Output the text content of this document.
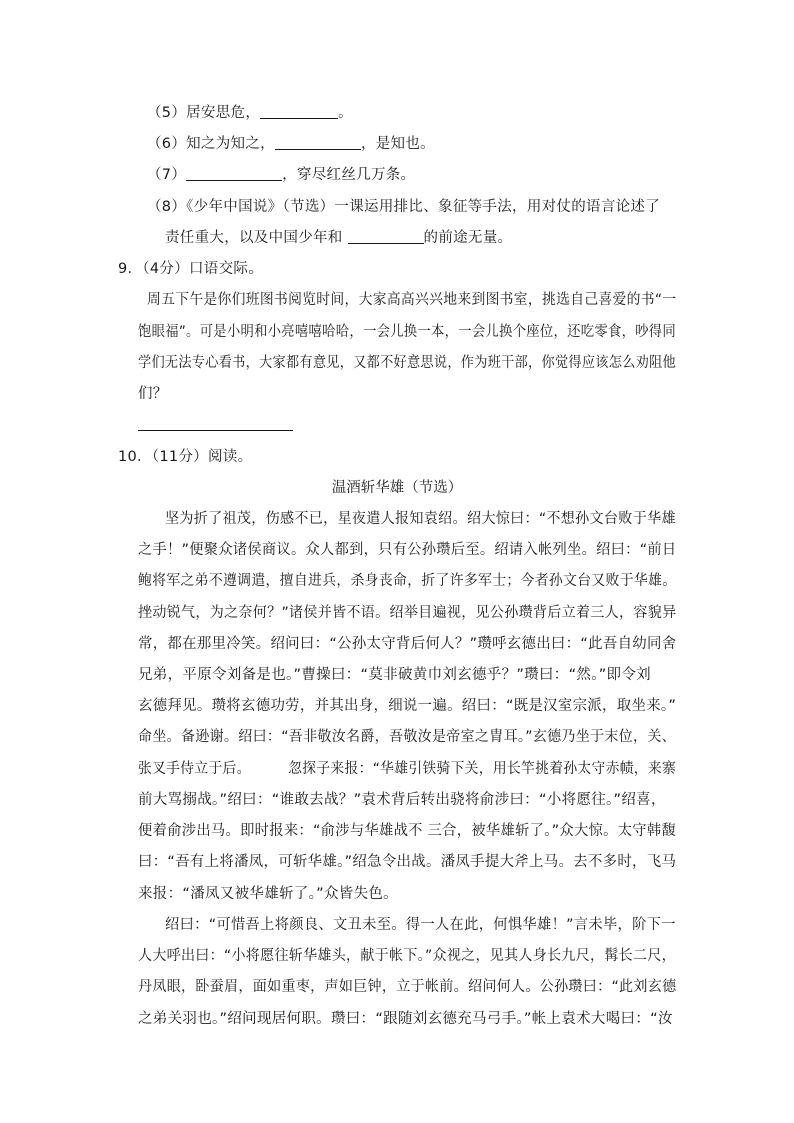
（5）居安思危，	。
（6）知之为知之，	，是知也。
（7）	，穿尽红丝几万条。
（8）《少年中国说》（节选）一课运用排比、象征等手法，用对仗的语言论述了
责任重大，以及中国少年和	的前途无量。
9．（4分）口语交际。
周五下午是你们班图书阅览时间，大家高高兴兴地来到图书室，挑选自己喜爱的书“一
饱眼福”。可是小明和小亮嘻嘻哈哈，一会儿换一本，一会儿换个座位，还吃零食，吵得同
学们无法专心看书，大家都有意见，又都不好意思说，作为班干部，你觉得应该怎么劝阻他
们？
10．（11分）阅读。
温酒斩华雄（节选）
坚为折了祖茂，伤感不已，星夜遣人报知袁绍。绍大惊曰：“不想孙文台败于华雄
之手！”便聚众诸侯商议。众人都到，只有公孙瓒后至。绍请入帐列坐。绍曰：“前日
鲍将军之弟不遵调遣，擅自进兵，杀身丧命，折了许多军士；今者孙文台又败于华雄。
挫动锐气，为之奈何？”诸侯并皆不语。绍举目遍视，见公孙瓒背后立着三人，容貌异
常，都在那里冷笑。绍问曰：“公孙太守背后何人？”瓒呼玄德出曰：“此吾自幼同舍
兄弟，平原令刘备是也。”曹操曰：“莫非破黄巾刘玄德乎？”瓒曰：“然。”即令刘
玄德拜见。瓒将玄德功劳，并其出身，细说一遍。绍曰：“既是汉室宗派，取坐来。”
命坐。备逊谢。绍曰：“吾非敬汝名爵，吾敬汝是帝室之胄耳。”玄德乃坐于末位，关、
张叉手侍立于后。        忽探子来报：“华雄引铁骑下关，用长竿挑着孙太守赤帻，来寨
前大骂搦战。”绍曰：“谁敢去战？”袁术背后转出骁将俞涉曰：“小将愿往。”绍喜，
便着俞涉出马。即时报来：“俞涉与华雄战不 三合，被华雄斩了。”众大惊。太守韩馥
曰：“吾有上将潘凤，可斩华雄。”绍急令出战。潘凤手提大斧上马。去不多时，飞马
来报：“潘凤又被华雄斩了。”众皆失色。
绍曰：“可惜吾上将颜良、文丑未至。得一人在此，何惧华雄！”言未毕，阶下一
人大呼出曰：“小将愿往斩华雄头，献于帐下。”众视之，见其人身长九尺，髯长二尺，
丹凤眼，卧蚕眉，面如重枣，声如巨钟，立于帐前。绍问何人。公孙瓒曰：“此刘玄德
之弟关羽也。”绍问现居何职。瓒曰：“跟随刘玄德充马弓手。”帐上袁术大喝曰：“汝
